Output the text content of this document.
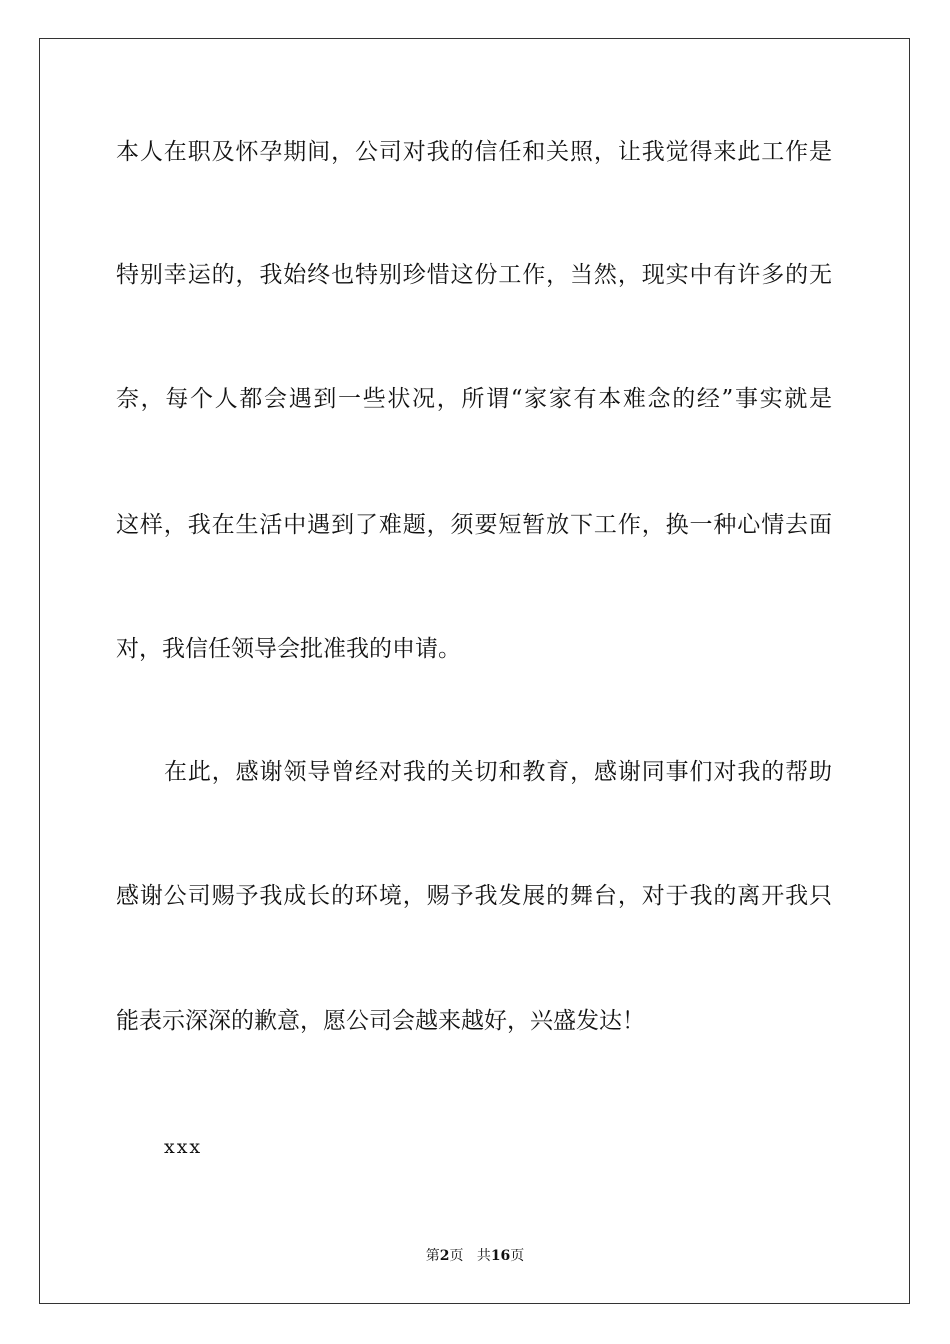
本人在职及怀孕期间，公司对我的信任和关照，让我觉得来此工作是
特别幸运的，我始终也特别珍惜这份工作，当然，现实中有许多的无
奈，每个人都会遇到一些状况，所谓“家家有本难念的经”事实就是
这样，我在生活中遇到了难题，须要短暂放下工作，换一种心情去面
对，我信任领导会批准我的申请。
在此，感谢领导曾经对我的关切和教育，感谢同事们对我的帮助
感谢公司赐予我成长的环境，赐予我发展的舞台，对于我的离开我只
能表示深深的歉意，愿公司会越来越好，兴盛发达！
xxx
第2页 共16页
